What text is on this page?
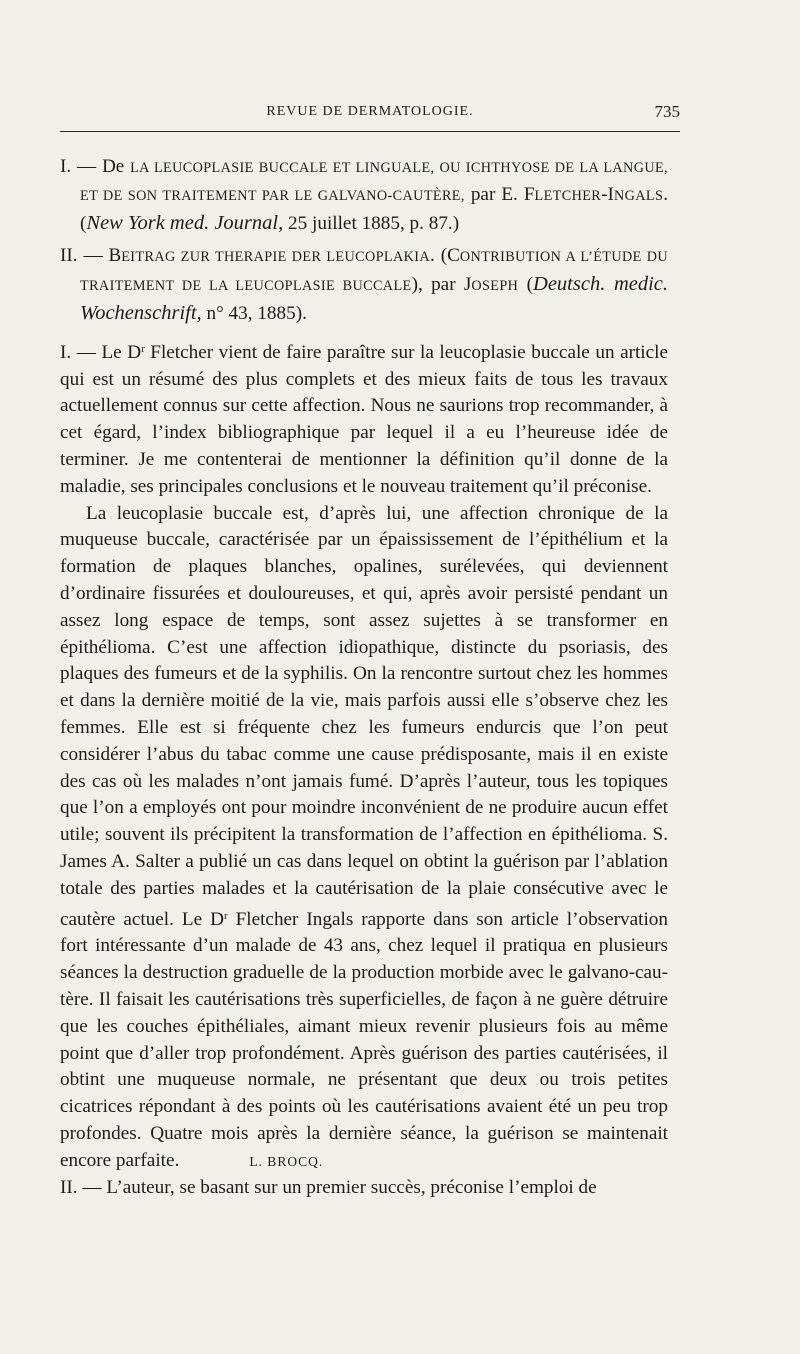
REVUE DE DERMATOLOGIE.	735
I. — De LA LEUCOPLASIE BUCCALE ET LINGUALE, OU ICHTHYOSE DE LA LANGUE, ET DE SON TRAITEMENT PAR LE GALVANO-CAUTÈRE, par E. FLETCHER-INGALS. (New York med. Journal, 25 juillet 1885, p. 87.)
II. — BEITRAG ZUR THERAPIE DER LEUCOPLAKIA. (CONTRIBUTION A L’ÉTUDE DU TRAITEMENT DE LA LEUCOPLASIE BUCCALE), par JOSEPH (Deutsch. medic. Wochenschrift, n° 43, 1885).

I. — Le $D^r$ Fletcher vient de faire paraître sur la leucoplasie buccale un article qui est un résumé des plus complets et des mieux faits de tous les travaux actuellement connus sur cette affection. Nous ne saurions trop recommander, à cet égard, l’index bibliographique par lequel il a eu l’heureuse idée de terminer. Je me contenterai de mentionner la définition qu’il donne de la maladie, ses principales conclusions et le nouveau traitement qu’il préconise.

La leucoplasie buccale est, d’après lui, une affection chronique de la muqueuse buccale, caractérisée par un épaississement de l’épithélium et la formation de plaques blanches, opalines, surélevées, qui deviennent d’ordinaire fissurées et douloureuses, et qui, après avoir persisté pendant un assez long espace de temps, sont assez sujettes à se transformer en épithélioma. C’est une affection idiopathique, distincte du psoriasis, des plaques des fumeurs et de la syphilis. On la rencontre surtout chez les hommes et dans la dernière moitié de la vie, mais parfois aussi elle s’observe chez les femmes. Elle est si fréquente chez les fumeurs endurcis que l’on peut considérer l’abus du tabac comme une cause prédisposante, mais il en existe des cas où les malades n’ont jamais fumé. D’après l’auteur, tous les topiques que l’on a employés ont pour moindre inconvénient de ne produire aucun effet utile; souvent ils précipitent la transformation de l’affection en épithélioma. S. James A. Salter a publié un cas dans lequel on obtint la guérison par l’ablation totale des parties malades et la cautérisation de la plaie consécutive avec le cautère actuel. Le $D^r$ Fletcher Ingals rapporte dans son article l’observation fort intéressante d’un malade de 43 ans, chez lequel il pratiqua en plusieurs séances la destruction graduelle de la production morbide avec le galvano-cautère. Il faisait les cautérisations très superficielles, de façon à ne guère détruire que les couches épithéliales, aimant mieux revenir plusieurs fois au même point que d’aller trop profondément. Après guérison des parties cautérisées, il obtint une muqueuse normale, ne présentant que deux ou trois petites cicatrices répondant à des points où les cautérisations avaient été un peu trop profondes. Quatre mois après la dernière séance, la guérison se maintenait encore parfaite.	L. BROCQ.

II. — L’auteur, se basant sur un premier succès, préconise l’emploi de
